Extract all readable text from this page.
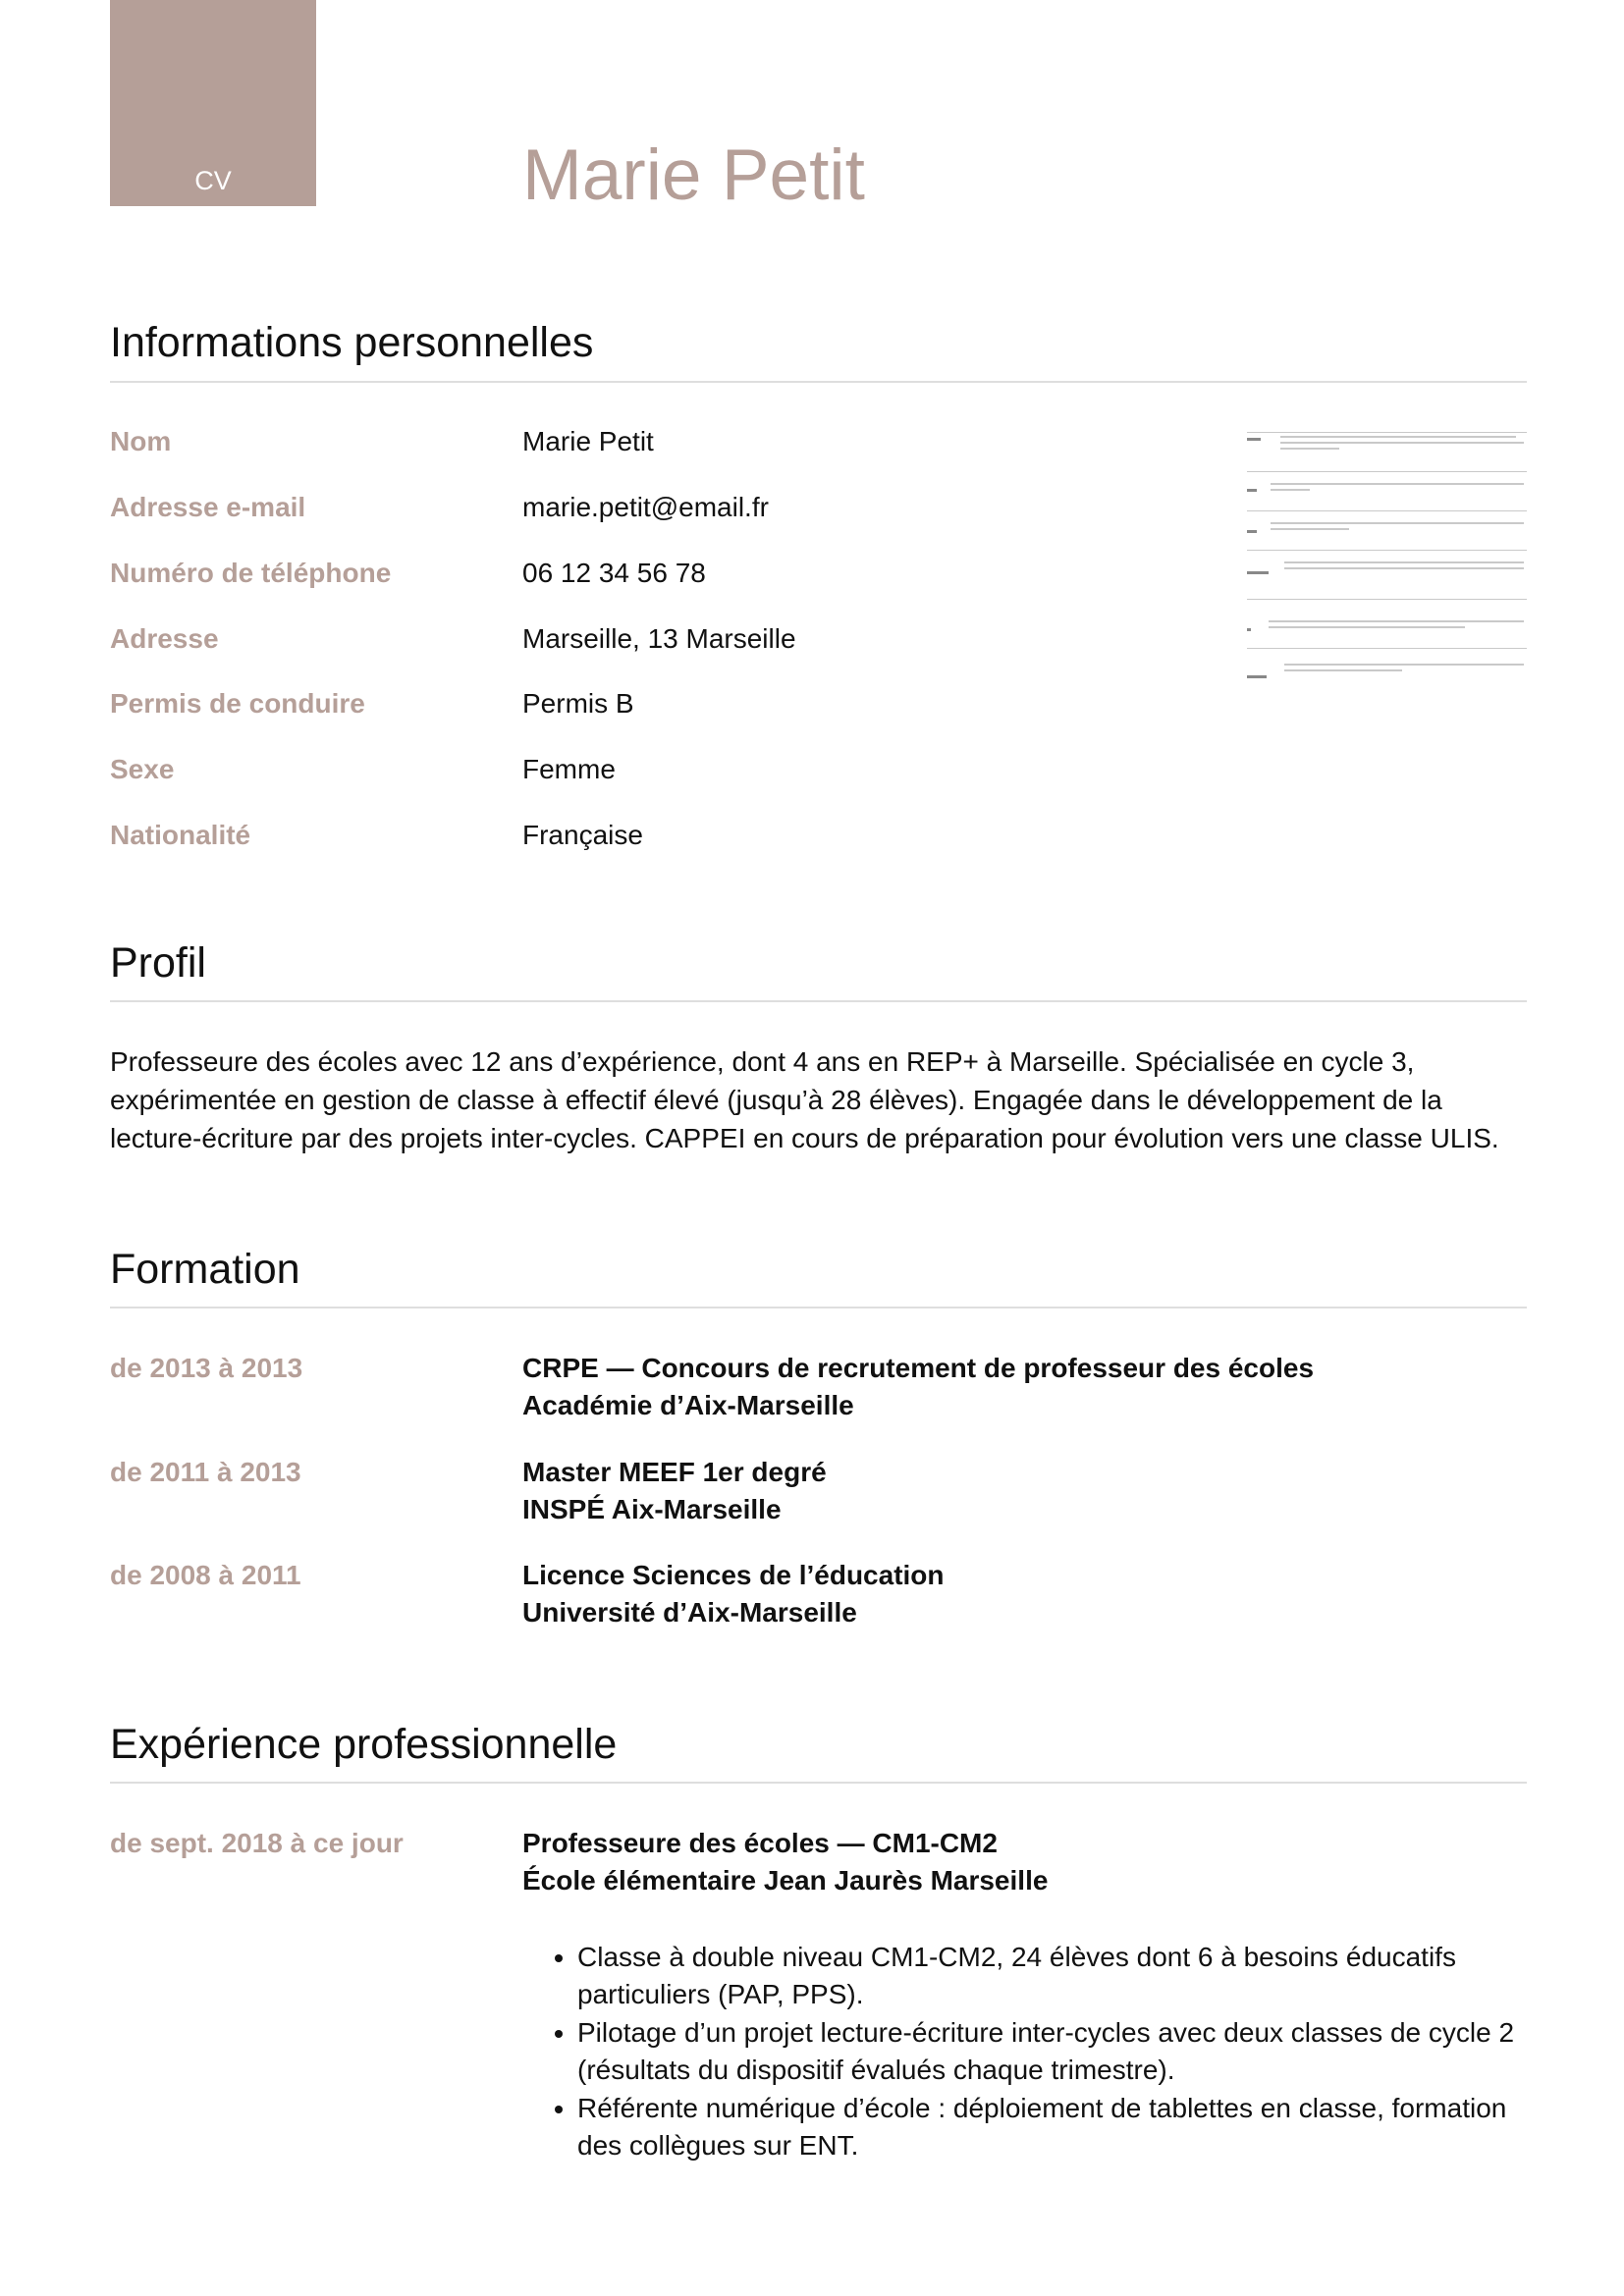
CV	Marie Petit
Informations personnelles
Nom	Marie Petit
Adresse e-mail	marie.petit@email.fr
Numéro de téléphone	06 12 34 56 78
Adresse	Marseille, 13 Marseille
Permis de conduire	Permis B
Sexe	Femme
Nationalité	Française
Profil

Professeure des écoles avec 12 ans d’expérience, dont 4 ans en REP+ à Marseille. Spécialisée en cycle 3, expérimentée en gestion de classe à effectif élevé (jusqu’à 28 élèves). Engagée dans le développement de la lecture-écriture par des projets inter-cycles. CAPPEI en cours de préparation pour évolution vers une classe ULIS.

Formation
de 2013 à 2013	CRPE — Concours de recrutement de professeur des écoles
Académie d’Aix-Marseille
de 2011 à 2013	Master MEEF 1er degré
INSPÉ Aix-Marseille
de 2008 à 2011	Licence Sciences de l’éducation
Université d’Aix-Marseille
Expérience professionnelle
de sept. 2018 à ce jour	Professeure des écoles — CM1-CM2
École élémentaire Jean Jaurès Marseille
• Classe à double niveau CM1-CM2, 24 élèves dont 6 à besoins éducatifs particuliers (PAP, PPS).
• Pilotage d’un projet lecture-écriture inter-cycles avec deux classes de cycle 2 (résultats du dispositif évalués chaque trimestre).
• Référente numérique d’école : déploiement de tablettes en classe, formation des collègues sur ENT.
